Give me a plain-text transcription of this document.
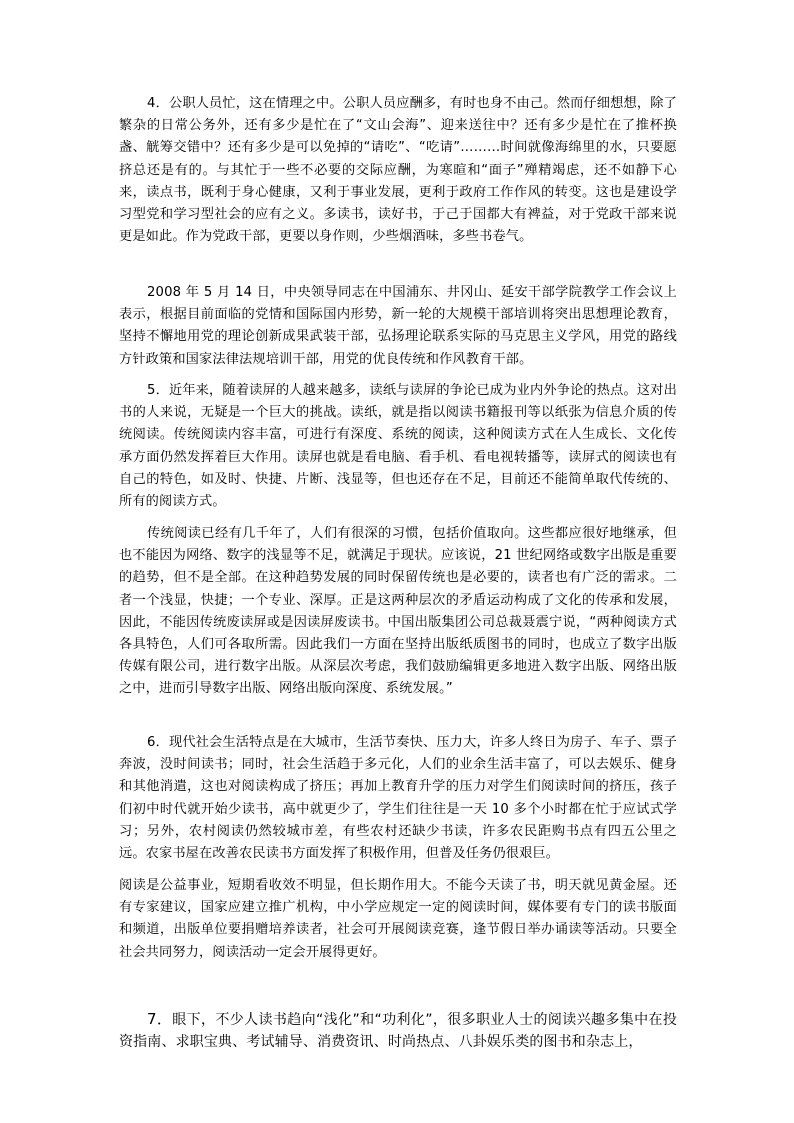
4．公职人员忙，这在情理之中。公职人员应酬多，有时也身不由己。然而仔细想想，除了繁杂的日常公务外，还有多少是忙在了“文山会海”、迎来送往中？还有多少是忙在了推杯换盏、觥筹交错中？还有多少是可以免掉的“请吃”、“吃请”………时间就像海绵里的水，只要愿挤总还是有的。与其忙于一些不必要的交际应酬，为寒暄和“面子”殚精竭虑，还不如静下心来，读点书，既利于身心健康，又利于事业发展，更利于政府工作作风的转变。这也是建设学习型党和学习型社会的应有之义。多读书，读好书，于己于国都大有裨益，对于党政干部来说更是如此。作为党政干部，更要以身作则，少些烟酒味，多些书卷气。

2008 年 5 月 14 日，中央领导同志在中国浦东、井冈山、延安干部学院教学工作会议上表示，根据目前面临的党情和国际国内形势，新一轮的大规模干部培训将突出思想理论教育，坚持不懈地用党的理论创新成果武装干部，弘扬理论联系实际的马克思主义学风，用党的路线方针政策和国家法律法规培训干部，用党的优良传统和作风教育干部。

5．近年来，随着读屏的人越来越多，读纸与读屏的争论已成为业内外争论的热点。这对出书的人来说，无疑是一个巨大的挑战。读纸，就是指以阅读书籍报刊等以纸张为信息介质的传统阅读。传统阅读内容丰富，可进行有深度、系统的阅读，这种阅读方式在人生成长、文化传承方面仍然发挥着巨大作用。读屏也就是看电脑、看手机、看电视转播等，读屏式的阅读也有自己的特色，如及时、快捷、片断、浅显等，但也还存在不足，目前还不能简单取代传统的、所有的阅读方式。

传统阅读已经有几千年了，人们有很深的习惯，包括价值取向。这些都应很好地继承，但也不能因为网络、数字的浅显等不足，就满足于现状。应该说，21 世纪网络或数字出版是重要的趋势，但不是全部。在这种趋势发展的同时保留传统也是必要的，读者也有广泛的需求。二者一个浅显，快捷；一个专业、深厚。正是这两种层次的矛盾运动构成了文化的传承和发展，因此，不能因传统废读屏或是因读屏废读书。中国出版集团公司总裁聂震宁说，“两种阅读方式各具特色，人们可各取所需。因此我们一方面在坚持出版纸质图书的同时，也成立了数字出版传媒有限公司，进行数字出版。从深层次考虑，我们鼓励编辑更多地进入数字出版、网络出版之中，进而引导数字出版、网络出版向深度、系统发展。”

6．现代社会生活特点是在大城市，生活节奏快、压力大，许多人终日为房子、车子、票子奔波，没时间读书；同时，社会生活趋于多元化，人们的业余生活丰富了，可以去娱乐、健身和其他消遣，这也对阅读构成了挤压；再加上教育升学的压力对学生们阅读时间的挤压，孩子们初中时代就开始少读书，高中就更少了，学生们往往是一天 10 多个小时都在忙于应试式学习；另外，农村阅读仍然较城市差，有些农村还缺少书读，许多农民距购书点有四五公里之远。农家书屋在改善农民读书方面发挥了积极作用，但普及任务仍很艰巨。

阅读是公益事业，短期看收效不明显，但长期作用大。不能今天读了书，明天就见黄金屋。还有专家建议，国家应建立推广机构，中小学应规定一定的阅读时间，媒体要有专门的读书版面和频道，出版单位要捐赠培养读者，社会可开展阅读竞赛，逢节假日举办诵读等活动。只要全社会共同努力，阅读活动一定会开展得更好。

7．眼下，不少人读书趋向“浅化”和“功利化”，很多职业人士的阅读兴趣多集中在投资指南、求职宝典、考试辅导、消费资讯、时尚热点、八卦娱乐类的图书和杂志上，
